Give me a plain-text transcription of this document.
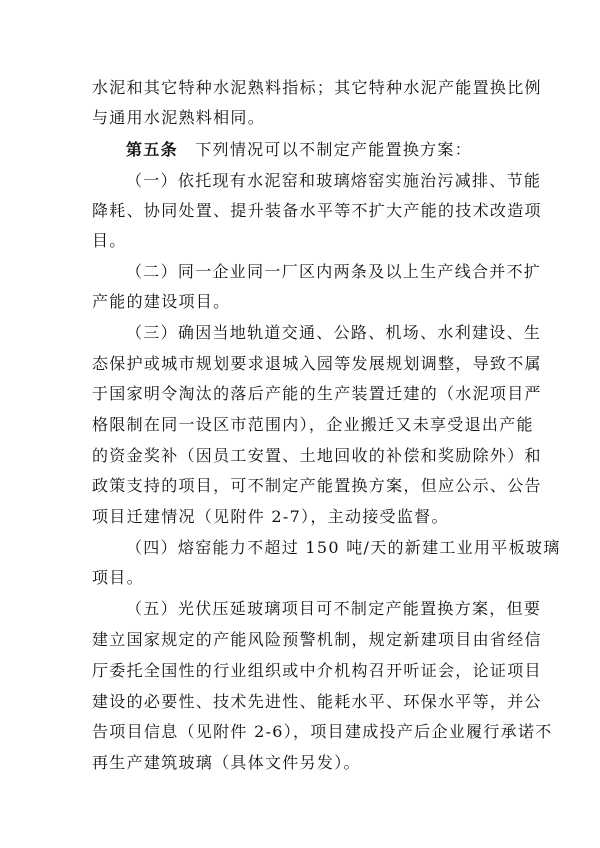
水泥和其它特种水泥熟料指标；其它特种水泥产能置换比例

与通用水泥熟料相同。

第五条　 下列情况可以不制定产能置换方案：

（一）依托现有水泥窑和玻璃熔窑实施治污减排、节能

降耗、协同处置、提升装备水平等不扩大产能的技术改造项

目。

（二）同一企业同一厂区内两条及以上生产线合并不扩

产能的建设项目。

（三）确因当地轨道交通、公路、机场、水利建设、生

态保护或城市规划要求退城入园等发展规划调整，导致不属

于国家明令淘汰的落后产能的生产装置迁建的（水泥项目严

格限制在同一设区市范围内），企业搬迁又未享受退出产能

的资金奖补（因员工安置、土地回收的补偿和奖励除外）和

政策支持的项目，可不制定产能置换方案，但应公示、公告

项目迁建情况（见附件 2-7），主动接受监督。

（四）熔窑能力不超过 150 吨/天的新建工业用平板玻璃

项目。

（五）光伏压延玻璃项目可不制定产能置换方案，但要

建立国家规定的产能风险预警机制，规定新建项目由省经信

厅委托全国性的行业组织或中介机构召开听证会，论证项目

建设的必要性、技术先进性、能耗水平、环保水平等，并公

告项目信息（见附件 2-6），项目建成投产后企业履行承诺不

再生产建筑玻璃（具体文件另发）。
